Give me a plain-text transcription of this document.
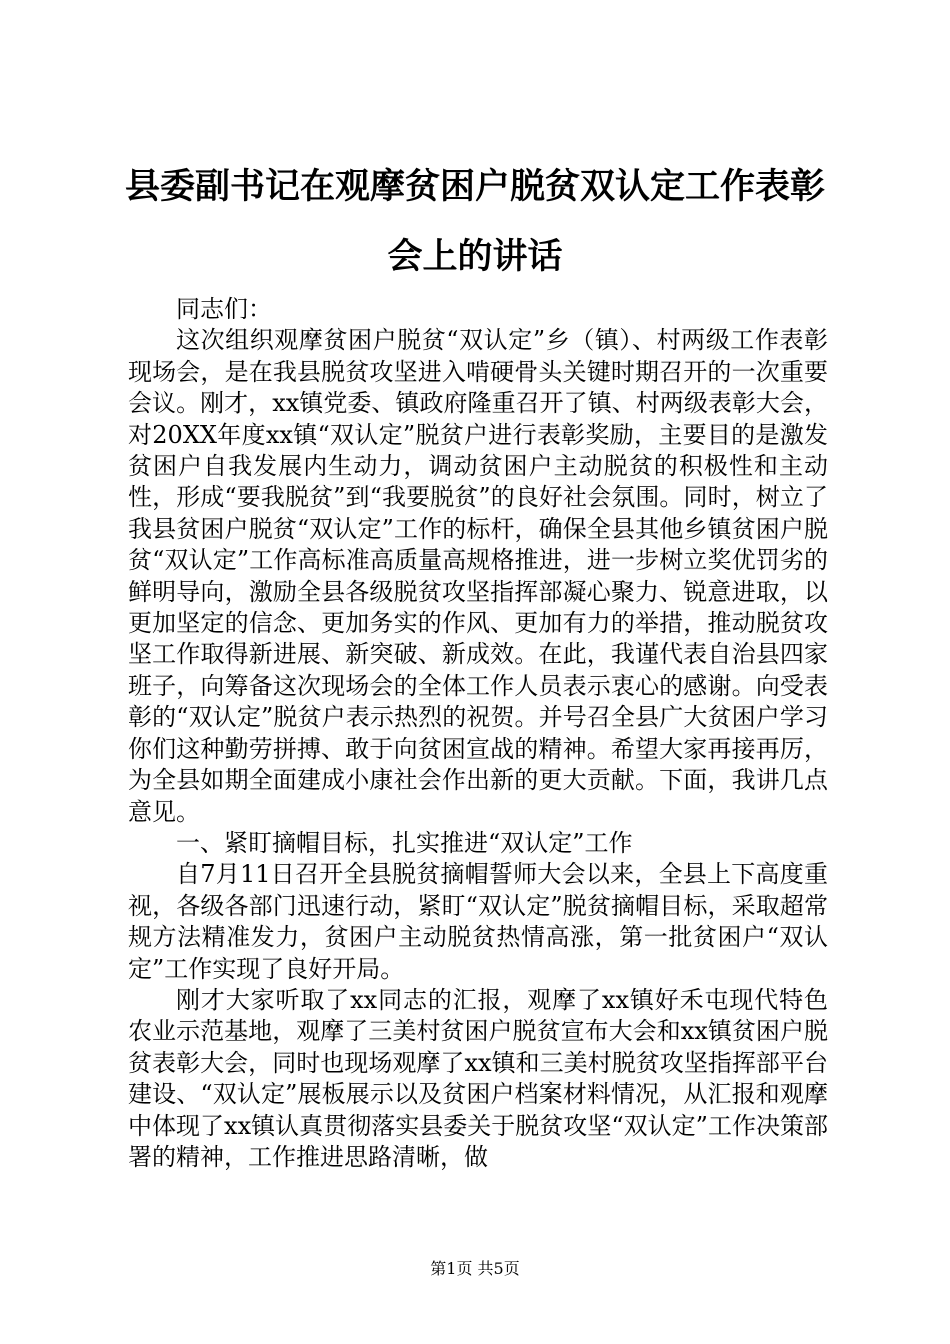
县委副书记在观摩贫困户脱贫双认定工作表彰会上的讲话

同志们：

这次组织观摩贫困户脱贫“双认定”乡（镇）、村两级工作表彰现场会，是在我县脱贫攻坚进入啃硬骨头关键时期召开的一次重要会议。刚才，xx镇党委、镇政府隆重召开了镇、村两级表彰大会，对20XX年度xx镇“双认定”脱贫户进行表彰奖励，主要目的是激发贫困户自我发展内生动力，调动贫困户主动脱贫的积极性和主动性，形成“要我脱贫”到“我要脱贫”的良好社会氛围。同时，树立了我县贫困户脱贫“双认定”工作的标杆，确保全县其他乡镇贫困户脱贫“双认定”工作高标准高质量高规格推进，进一步树立奖优罚劣的鲜明导向，激励全县各级脱贫攻坚指挥部凝心聚力、锐意进取，以更加坚定的信念、更加务实的作风、更加有力的举措，推动脱贫攻坚工作取得新进展、新突破、新成效。在此，我谨代表自治县四家班子，向筹备这次现场会的全体工作人员表示衷心的感谢。向受表彰的“双认定”脱贫户表示热烈的祝贺。并号召全县广大贫困户学习你们这种勤劳拼搏、敢于向贫困宣战的精神。希望大家再接再厉，为全县如期全面建成小康社会作出新的更大贡献。下面，我讲几点意见。

一、紧盯摘帽目标，扎实推进“双认定”工作

自7月11日召开全县脱贫摘帽誓师大会以来，全县上下高度重视，各级各部门迅速行动，紧盯“双认定”脱贫摘帽目标，采取超常规方法精准发力，贫困户主动脱贫热情高涨，第一批贫困户“双认定”工作实现了良好开局。

刚才大家听取了xx同志的汇报，观摩了xx镇好禾屯现代特色农业示范基地，观摩了三美村贫困户脱贫宣布大会和xx镇贫困户脱贫表彰大会，同时也现场观摩了xx镇和三美村脱贫攻坚指挥部平台建设、“双认定”展板展示以及贫困户档案材料情况，从汇报和观摩中体现了xx镇认真贯彻落实县委关于脱贫攻坚“双认定”工作决策部署的精神，工作推进思路清晰，做

第1页 共5页
